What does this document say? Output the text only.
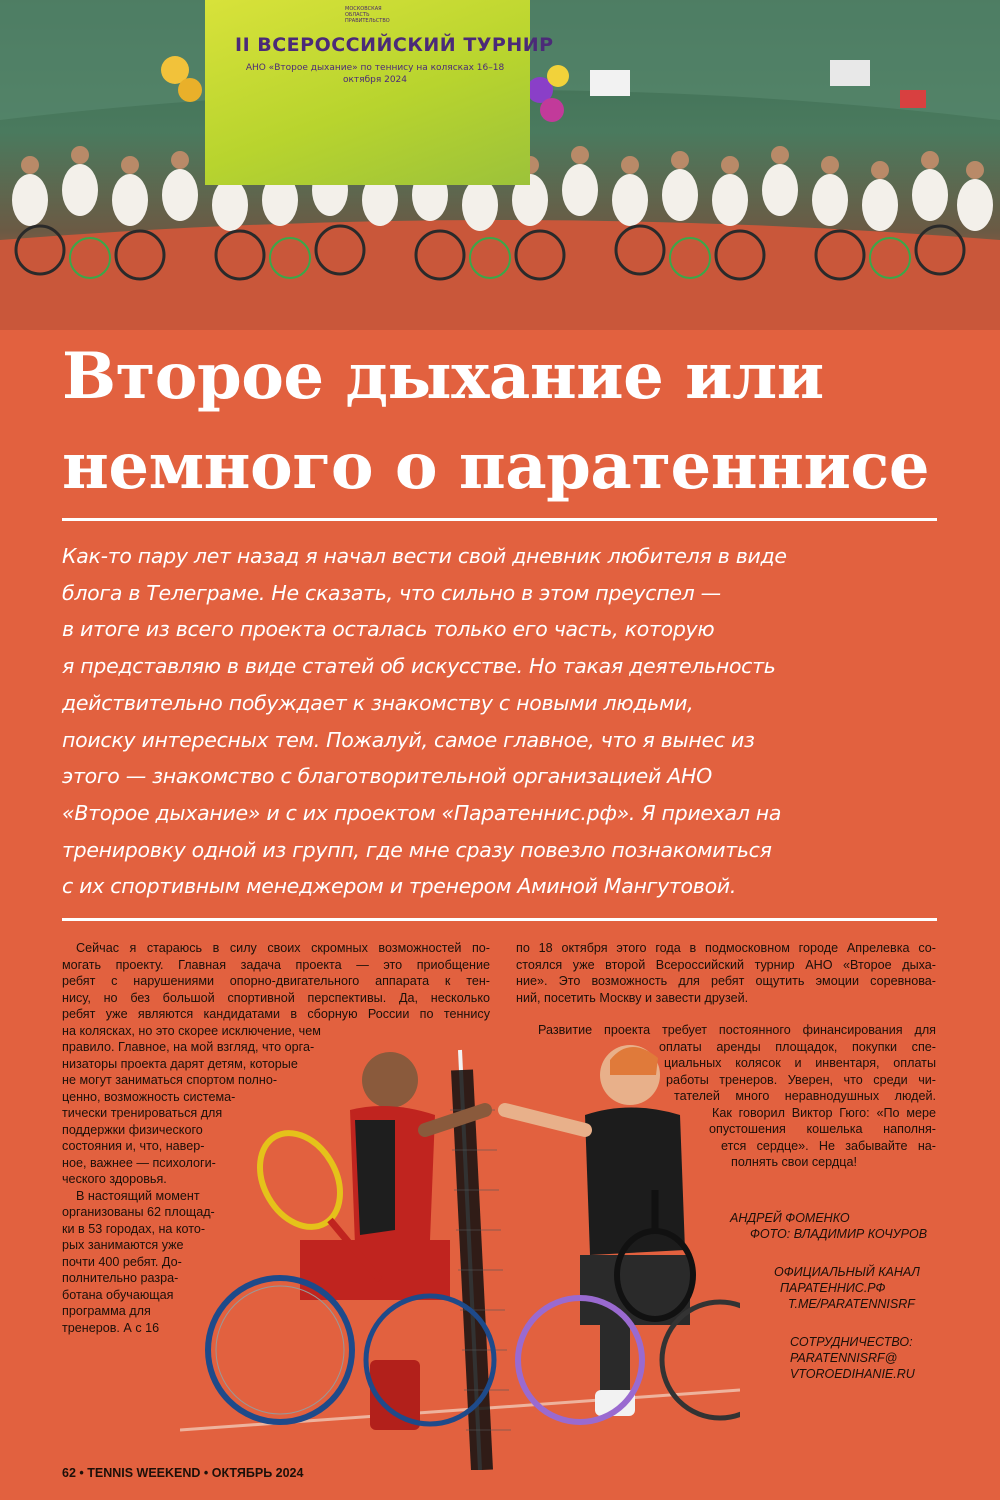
МОСКОВСКАЯ ОБЛАСТЬ ПРАВИТЕЛЬСТВО
II ВСЕРОССИЙСКИЙ ТУРНИР
АНО «Второе дыхание» по теннису на колясках 16–18 октября 2024
Второе дыхание или
немного о паратеннисе
Как-то пару лет назад я начал вести свой дневник любителя в виде
блога в Телеграме. Не сказать, что сильно в этом преуспел —
в итоге из всего проекта осталась только его часть, которую
я представляю в виде статей об искусстве. Но такая деятельность
действительно побуждает к знакомству с новыми людьми,
поиску интересных тем. Пожалуй, самое главное, что я вынес из
этого — знакомство с благотворительной организацией АНО
«Второе дыхание» и с их проектом «Паратеннис.рф». Я приехал на
тренировку одной из групп, где мне сразу повезло познакомиться
с их спортивным менеджером и тренером Аминой Мангутовой.
Сейчас я стараюсь в силу своих скромных возможностей по-
могать проекту. Главная задача проекта — это приобщение
ребят с нарушениями опорно-двигательного аппарата к тен-
нису, но без большой спортивной перспективы. Да, несколько
ребят уже являются кандидатами в сборную России по теннису
на колясках, но это скорее исключение, чем
правило. Главное, на мой взгляд, что орга-
низаторы проекта дарят детям, которые
не могут заниматься спортом полно-
ценно, возможность система-
тически тренироваться для
поддержки физического
состояния и, что, навер-
ное, важнее — психологи-
ческого здоровья.
В настоящий момент
организованы 62 площад-
ки в 53 городах, на кото-
рых занимаются уже
почти 400 ребят. До-
полнительно разра-
ботана обучающая
программа для
тренеров. А с 16
по 18 октября этого года в подмосковном городе Апрелевка со-
стоялся уже второй Всероссийский турнир АНО «Второе дыха-
ние». Это возможность для ребят ощутить эмоции соревнова-
ний, посетить Москву и завести друзей.
Развитие проекта требует постоянного финансирования для
оплаты аренды площадок, покупки спе-
циальных колясок и инвентаря, оплаты
работы тренеров. Уверен, что среди чи-
тателей много неравнодушных людей.
Как говорил Виктор Гюго: «По мере
опустошения кошелька наполня-
ется сердце». Не забывайте на-
полнять свои сердца!
АНДРЕЙ ФОМЕНКО
ФОТО: ВЛАДИМИР КОЧУРОВ
ОФИЦИАЛЬНЫЙ КАНАЛ
ПАРАТЕННИС.РФ
T.ME/PARATENNISRF
СОТРУДНИЧЕСТВО:
PARATENNISRF@
VTOROEDIHANIE.RU
62 • TENNIS WEEKEND • ОКТЯБРЬ 2024
